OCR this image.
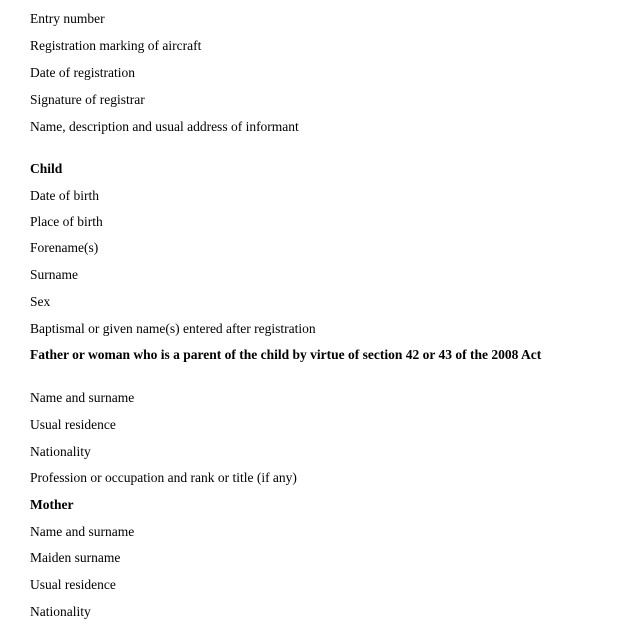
Entry number
Registration marking of aircraft
Date of registration
Signature of registrar
Name, description and usual address of informant
Child
Date of birth
Place of birth
Forename(s)
Surname
Sex
Baptismal or given name(s) entered after registration
Father or woman who is a parent of the child by virtue of section 42 or 43 of the 2008 Act
Name and surname
Usual residence
Nationality
Profession or occupation and rank or title (if any)
Mother
Name and surname
Maiden surname
Usual residence
Nationality
